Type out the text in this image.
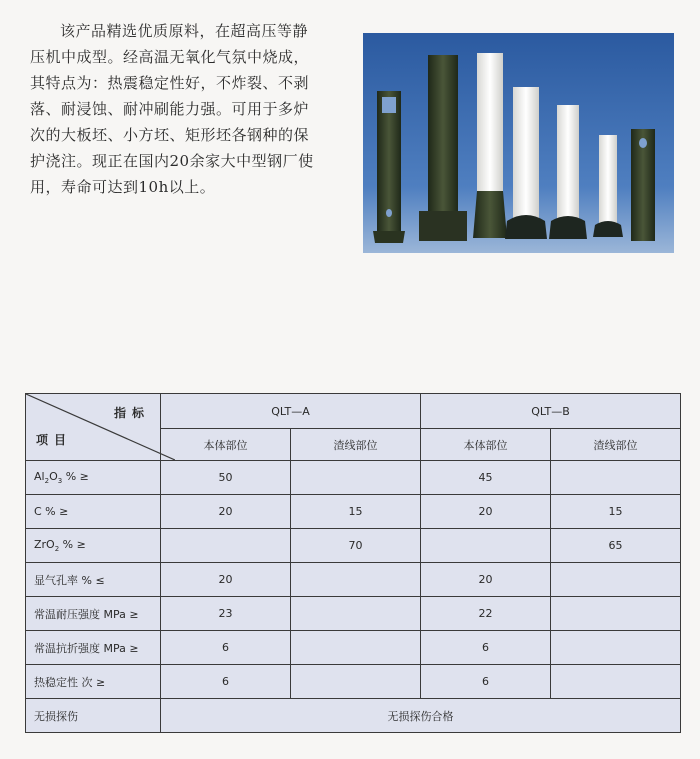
该产品精选优质原料，在超高压等静
压机中成型。经高温无氧化气氛中烧成，
其特点为：热震稳定性好，不炸裂、不剥
落、耐浸蚀、耐冲刷能力强。可用于多炉
次的大板坯、小方坯、矩形坯各钢种的保
护浇注。现正在国内20余家大中型钢厂使
用，寿命可达到10h以上。
指标
项目	QLT—A		QLT—B	
	本体部位	渣线部位	本体部位	渣线部位
$Al_2O_3$ % ≥	50		45	
C % ≥	20	15	20	15
ZrO$_2$ % ≥		70		65
显气孔率 % ≤	20		20	
常温耐压强度 MPa ≥	23		22	
常温抗折强度 MPa ≥	6		6	
热稳定性 次 ≥	6		6	
无损探伤	无损探伤合格			
